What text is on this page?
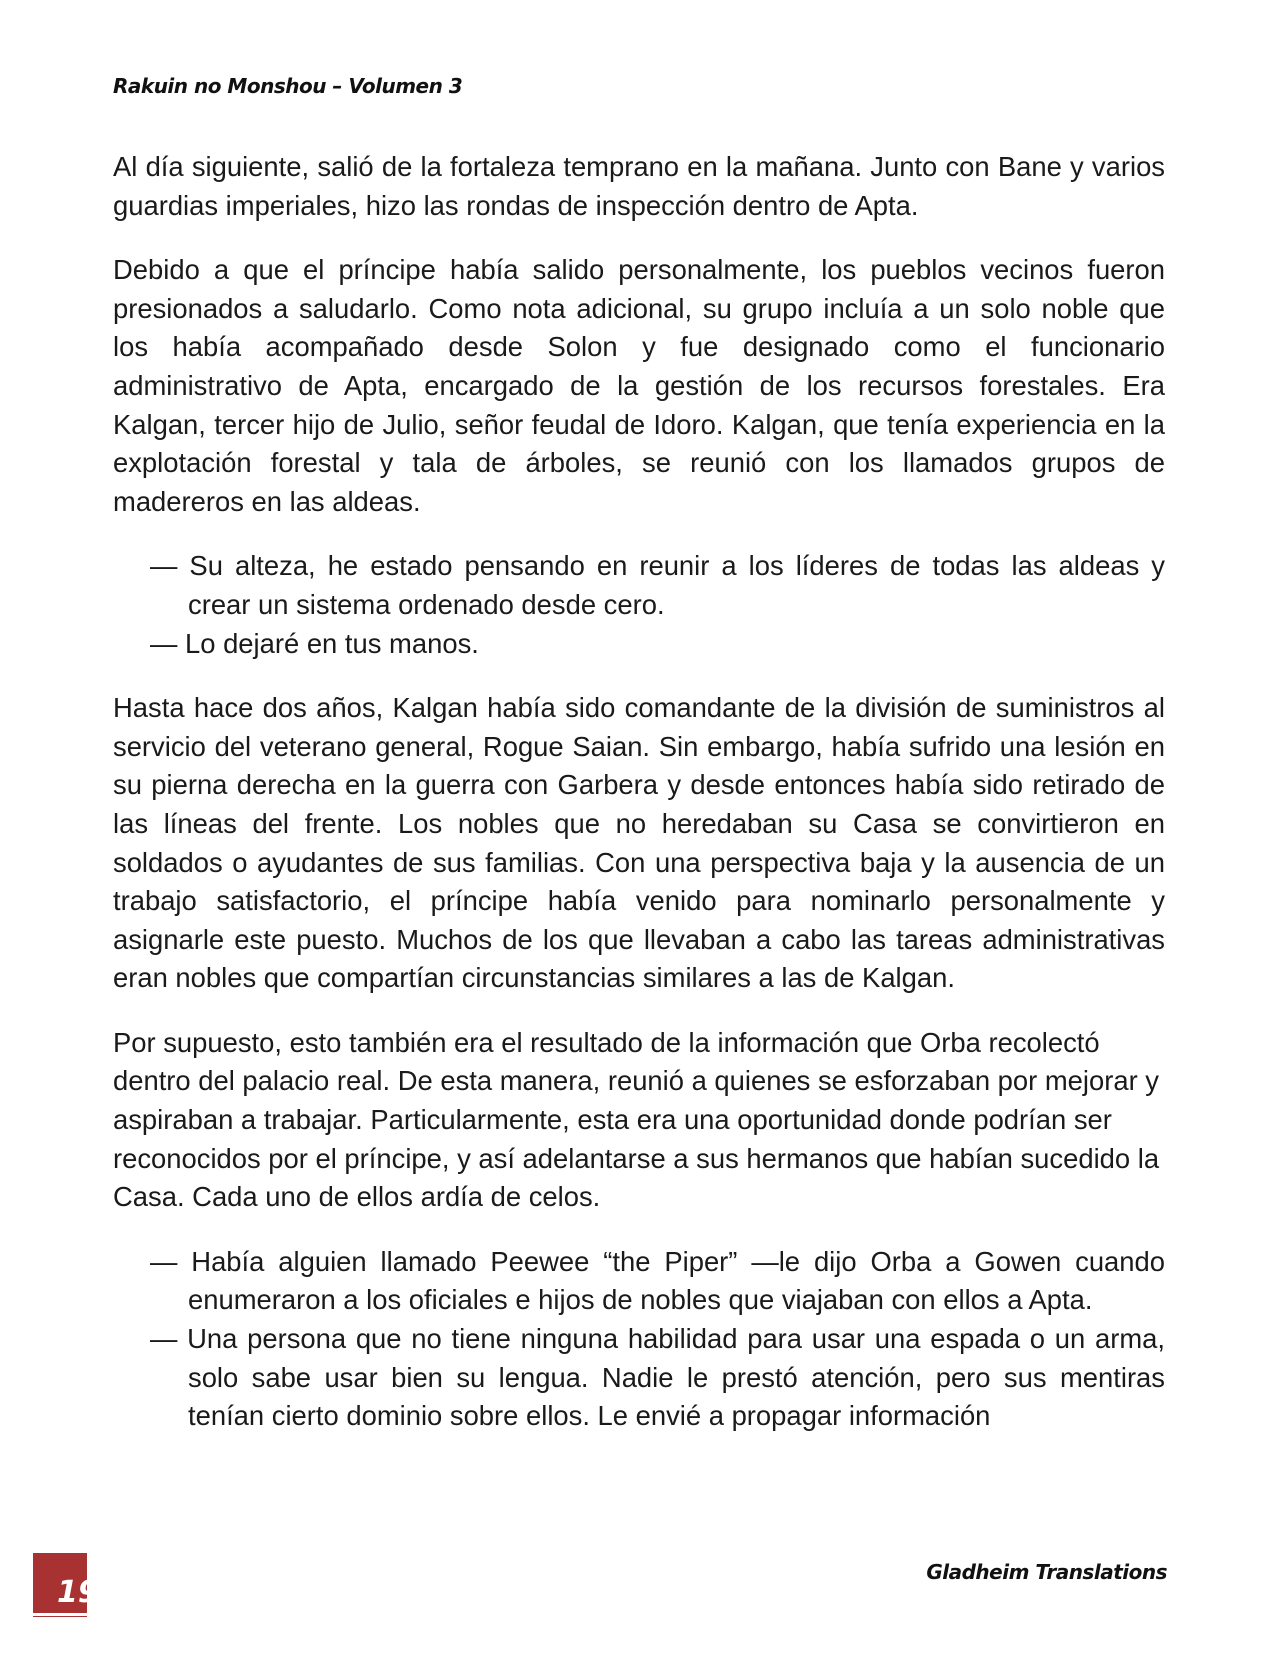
Rakuin no Monshou – Volumen 3

Al día siguiente, salió de la fortaleza temprano en la mañana. Junto con Bane y varios guardias imperiales, hizo las rondas de inspección dentro de Apta.

Debido a que el príncipe había salido personalmente, los pueblos vecinos fueron presionados a saludarlo. Como nota adicional, su grupo incluía a un solo noble que los había acompañado desde Solon y fue designado como el funcionario administrativo de Apta, encargado de la gestión de los recursos forestales. Era Kalgan, tercer hijo de Julio, señor feudal de Idoro. Kalgan, que tenía experiencia en la explotación forestal y tala de árboles, se reunió con los llamados grupos de madereros en las aldeas.

— Su alteza, he estado pensando en reunir a los líderes de todas las aldeas y crear un sistema ordenado desde cero.

— Lo dejaré en tus manos.

Hasta hace dos años, Kalgan había sido comandante de la división de suministros al servicio del veterano general, Rogue Saian. Sin embargo, había sufrido una lesión en su pierna derecha en la guerra con Garbera y desde entonces había sido retirado de las líneas del frente. Los nobles que no heredaban su Casa se convirtieron en soldados o ayudantes de sus familias. Con una perspectiva baja y la ausencia de un trabajo satisfactorio, el príncipe había venido para nominarlo personalmente y asignarle este puesto. Muchos de los que llevaban a cabo las tareas administrativas eran nobles que compartían circunstancias similares a las de Kalgan.

Por supuesto, esto también era el resultado de la información que Orba recolectó dentro del palacio real. De esta manera, reunió a quienes se esforzaban por mejorar y aspiraban a trabajar. Particularmente, esta era una oportunidad donde podrían ser reconocidos por el príncipe, y así adelantarse a sus hermanos que habían sucedido la Casa. Cada uno de ellos ardía de celos.

— Había alguien llamado Peewee “the Piper” —le dijo Orba a Gowen cuando enumeraron a los oficiales e hijos de nobles que viajaban con ellos a Apta.

— Una persona que no tiene ninguna habilidad para usar una espada o un arma, solo sabe usar bien su lengua. Nadie le prestó atención, pero sus mentiras tenían cierto dominio sobre ellos. Le envié a propagar información

19
Gladheim Translations
